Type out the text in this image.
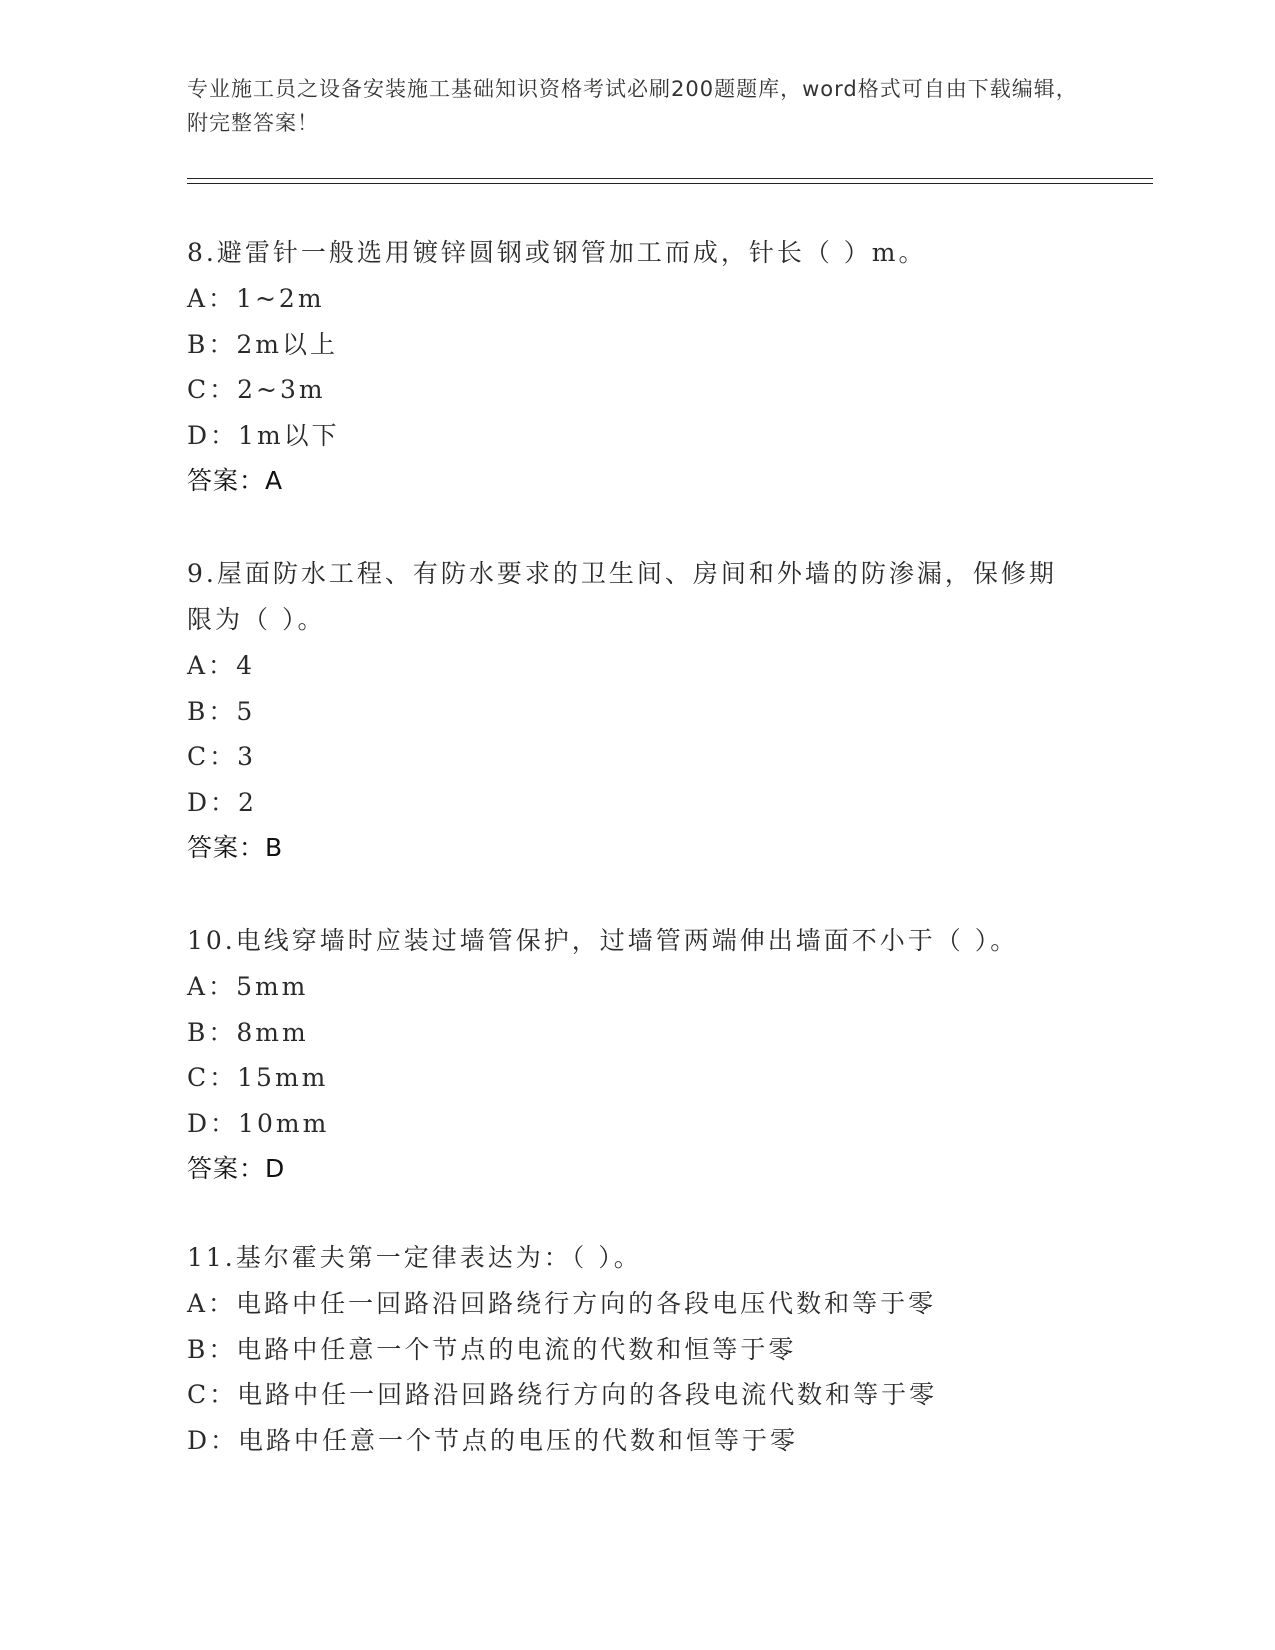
专业施工员之设备安装施工基础知识资格考试必刷200题题库，word格式可自由下载编辑，附完整答案！
8.避雷针一般选用镀锌圆钢或钢管加工而成，针长（ ）m。
A：1~2m
B：2m以上
C：2~3m
D：1m以下
答案：A
9.屋面防水工程、有防水要求的卫生间、房间和外墙的防渗漏，保修期限为（ ）。
A：4
B：5
C：3
D：2
答案：B
10.电线穿墙时应装过墙管保护，过墙管两端伸出墙面不小于（ ）。
A：5mm
B：8mm
C：15mm
D：10mm
答案：D
11.基尔霍夫第一定律表达为：（ ）。
A：电路中任一回路沿回路绕行方向的各段电压代数和等于零
B：电路中任意一个节点的电流的代数和恒等于零
C：电路中任一回路沿回路绕行方向的各段电流代数和等于零
D：电路中任意一个节点的电压的代数和恒等于零
